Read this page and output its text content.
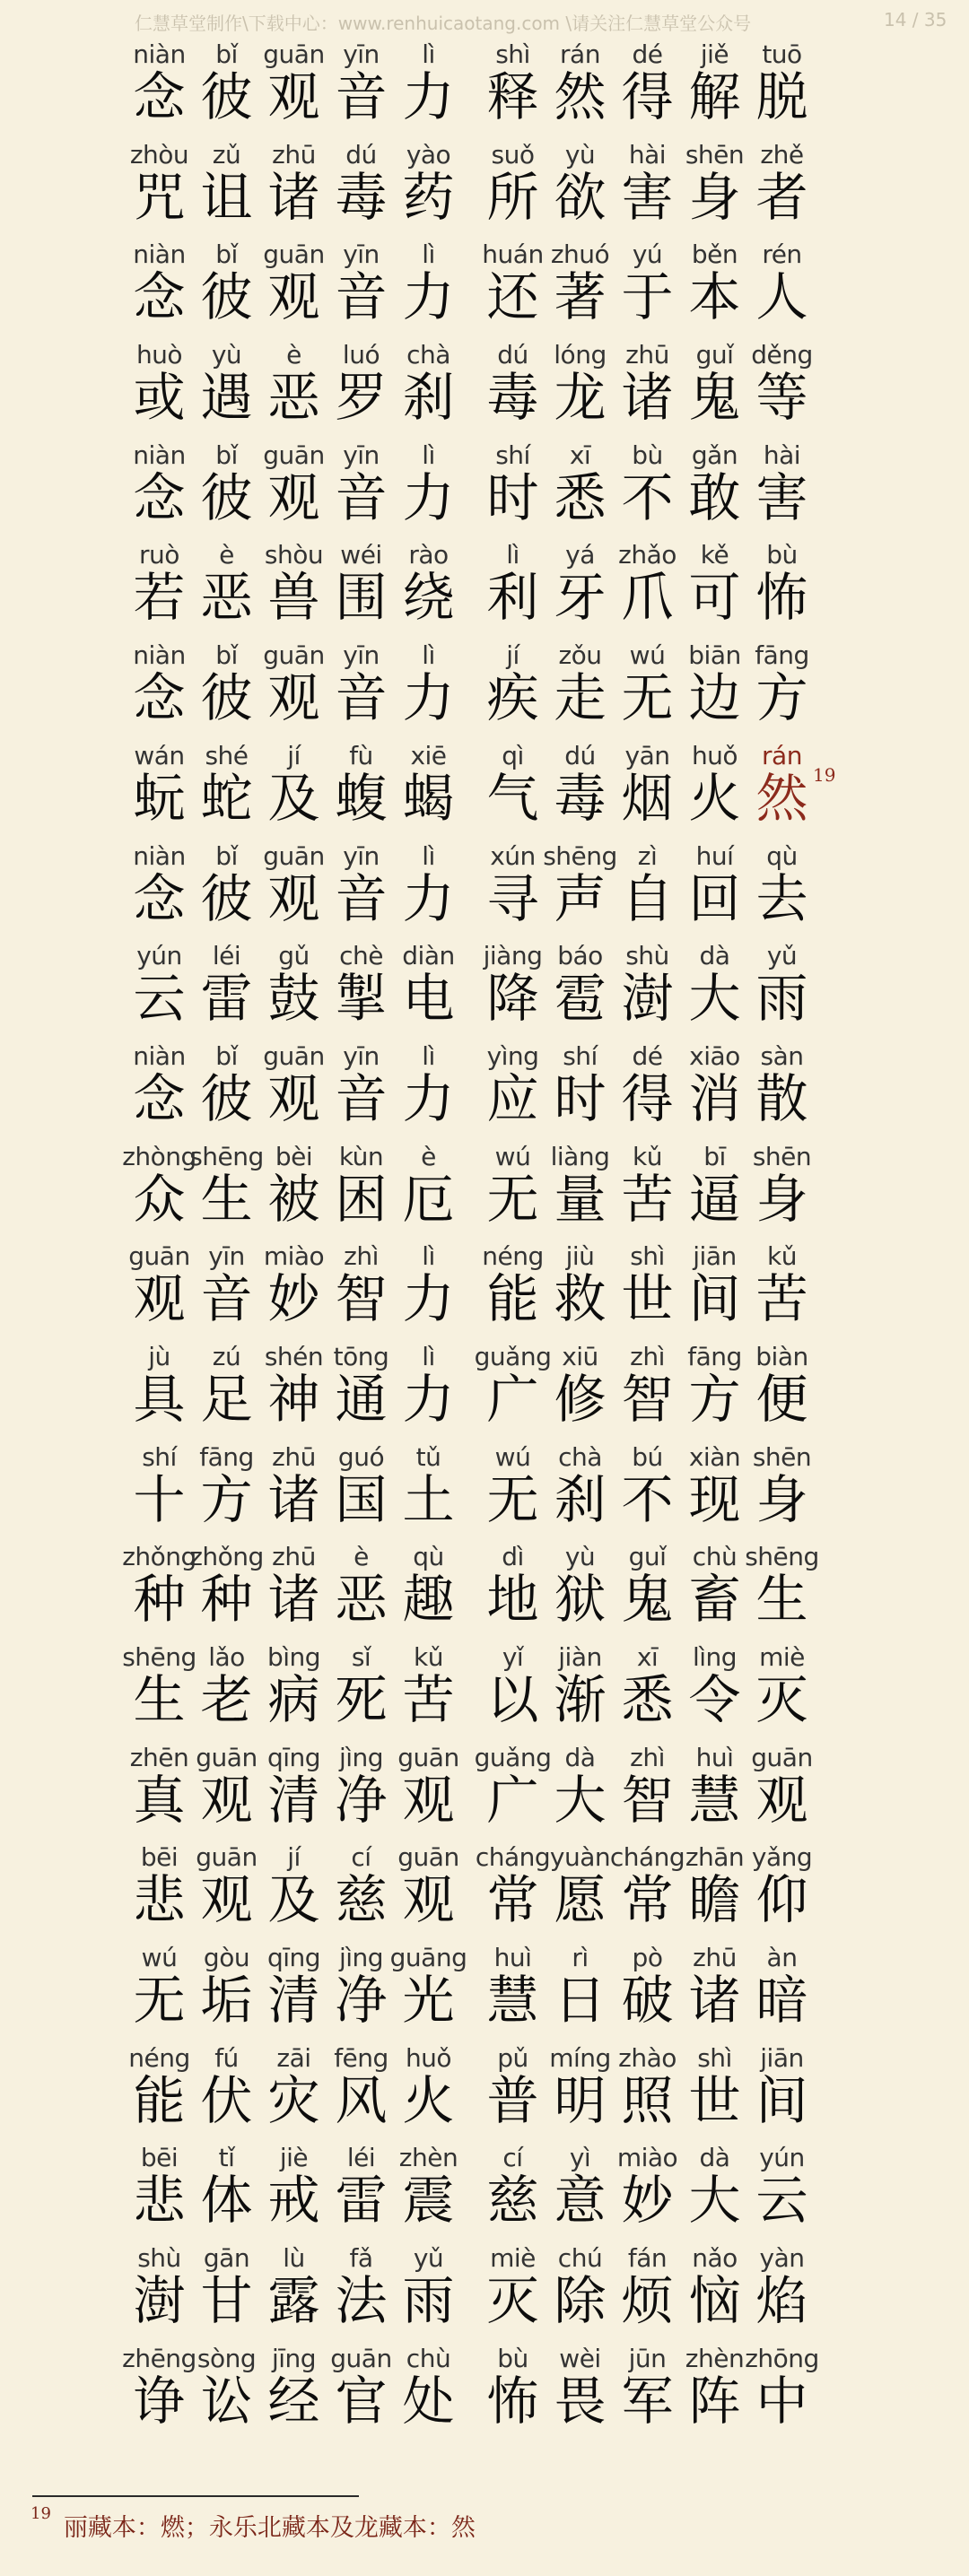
仁慧草堂制作\下载中心：www.renhuicaotang.com \请关注仁慧草堂公众号	14 / 35
niàn
念
bǐ
彼
guān
观
yīn
音
lì
力
shì
释
rán
然
dé
得
jiě
解
tuō
脱
zhòu
咒
zǔ
诅
zhū
诸
dú
毒
yào
药
suǒ
所
yù
欲
hài
害
shēn
身
zhě
者
niàn
念
bǐ
彼
guān
观
yīn
音
lì
力
huán
还
zhuó
著
yú
于
běn
本
rén
人
huò
或
yù
遇
è
恶
luó
罗
chà
刹
dú
毒
lóng
龙
zhū
诸
guǐ
鬼
děng
等
niàn
念
bǐ
彼
guān
观
yīn
音
lì
力
shí
时
xī
悉
bù
不
gǎn
敢
hài
害
ruò
若
è
恶
shòu
兽
wéi
围
rào
绕
lì
利
yá
牙
zhǎo
爪
kě
可
bù
怖
niàn
念
bǐ
彼
guān
观
yīn
音
lì
力
jí
疾
zǒu
走
wú
无
biān
边
fāng
方
wán
蚖
shé
蛇
jí
及
fù
蝮
xiē
蝎
qì
气
dú
毒
yān
烟
huǒ
火
rán
然 19
niàn
念
bǐ
彼
guān
观
yīn
音
lì
力
xún
寻
shēng
声
zì
自
huí
回
qù
去
yún
云
léi
雷
gǔ
鼓
chè
掣
diàn
电
jiàng
降
báo
雹
shù
澍
dà
大
yǔ
雨
niàn
念
bǐ
彼
guān
观
yīn
音
lì
力
yìng
应
shí
时
dé
得
xiāo
消
sàn
散
zhòng
众
shēng
生
bèi
被
kùn
困
è
厄
wú
无
liàng
量
kǔ
苦
bī
逼
shēn
身
guān
观
yīn
音
miào
妙
zhì
智
lì
力
néng
能
jiù
救
shì
世
jiān
间
kǔ
苦
jù
具
zú
足
shén
神
tōng
通
lì
力
guǎng
广
xiū
修
zhì
智
fāng
方
biàn
便
shí
十
fāng
方
zhū
诸
guó
国
tǔ
土
wú
无
chà
刹
bú
不
xiàn
现
shēn
身
zhǒng
种
zhǒng
种
zhū
诸
è
恶
qù
趣
dì
地
yù
狱
guǐ
鬼
chù
畜
shēng
生
shēng
生
lǎo
老
bìng
病
sǐ
死
kǔ
苦
yǐ
以
jiàn
渐
xī
悉
lìng
令
miè
灭
zhēn
真
guān
观
qīng
清
jìng
净
guān
观
guǎng
广
dà
大
zhì
智
huì
慧
guān
观
bēi
悲
guān
观
jí
及
cí
慈
guān
观
cháng
常
yuàn
愿
cháng
常
zhān
瞻
yǎng
仰
wú
无
gòu
垢
qīng
清
jìng
净
guāng
光
huì
慧
rì
日
pò
破
zhū
诸
àn
暗
néng
能
fú
伏
zāi
灾
fēng
风
huǒ
火
pǔ
普
míng
明
zhào
照
shì
世
jiān
间
bēi
悲
tǐ
体
jiè
戒
léi
雷
zhèn
震
cí
慈
yì
意
miào
妙
dà
大
yún
云
shù
澍
gān
甘
lù
露
fǎ
法
yǔ
雨
miè
灭
chú
除
fán
烦
nǎo
恼
yàn
焰
zhēng
诤
sòng
讼
jīng
经
guān
官
chù
处
bù
怖
wèi
畏
jūn
军
zhèn
阵
zhōng
中
$^{19}$丽藏本：燃；永乐北藏本及龙藏本：然
